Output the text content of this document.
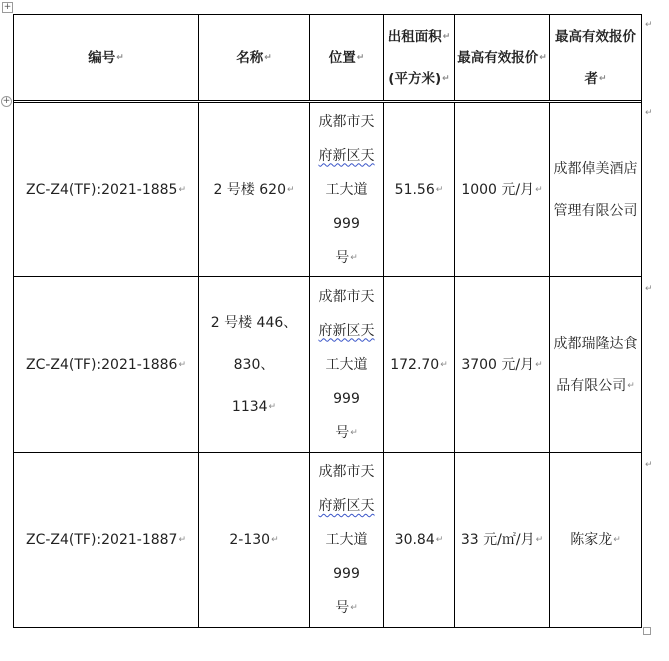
+
+
编号↵	名称↵	位置↵	出租面积↵
(平方米)↵	最高有效报价↵	最高有效报价
者↵

ZC-Z4(TF):2021-1885↵	2 号楼 620↵	成都市天
府新区天
工大道 999
号↵	51.56↵	1000 元/月↵	成都倬美酒店
管理有限公司
ZC-Z4(TF):2021-1886↵	2 号楼 446、830、
1134↵	成都市天
府新区天
工大道 999
号↵	172.70↵	3700 元/月↵	成都瑞隆达食
品有限公司↵
ZC-Z4(TF):2021-1887↵	2-130↵	成都市天
府新区天
工大道 999
号↵	30.84↵	33 元/㎡/月↵	陈家龙↵
↵
↵
↵
↵
